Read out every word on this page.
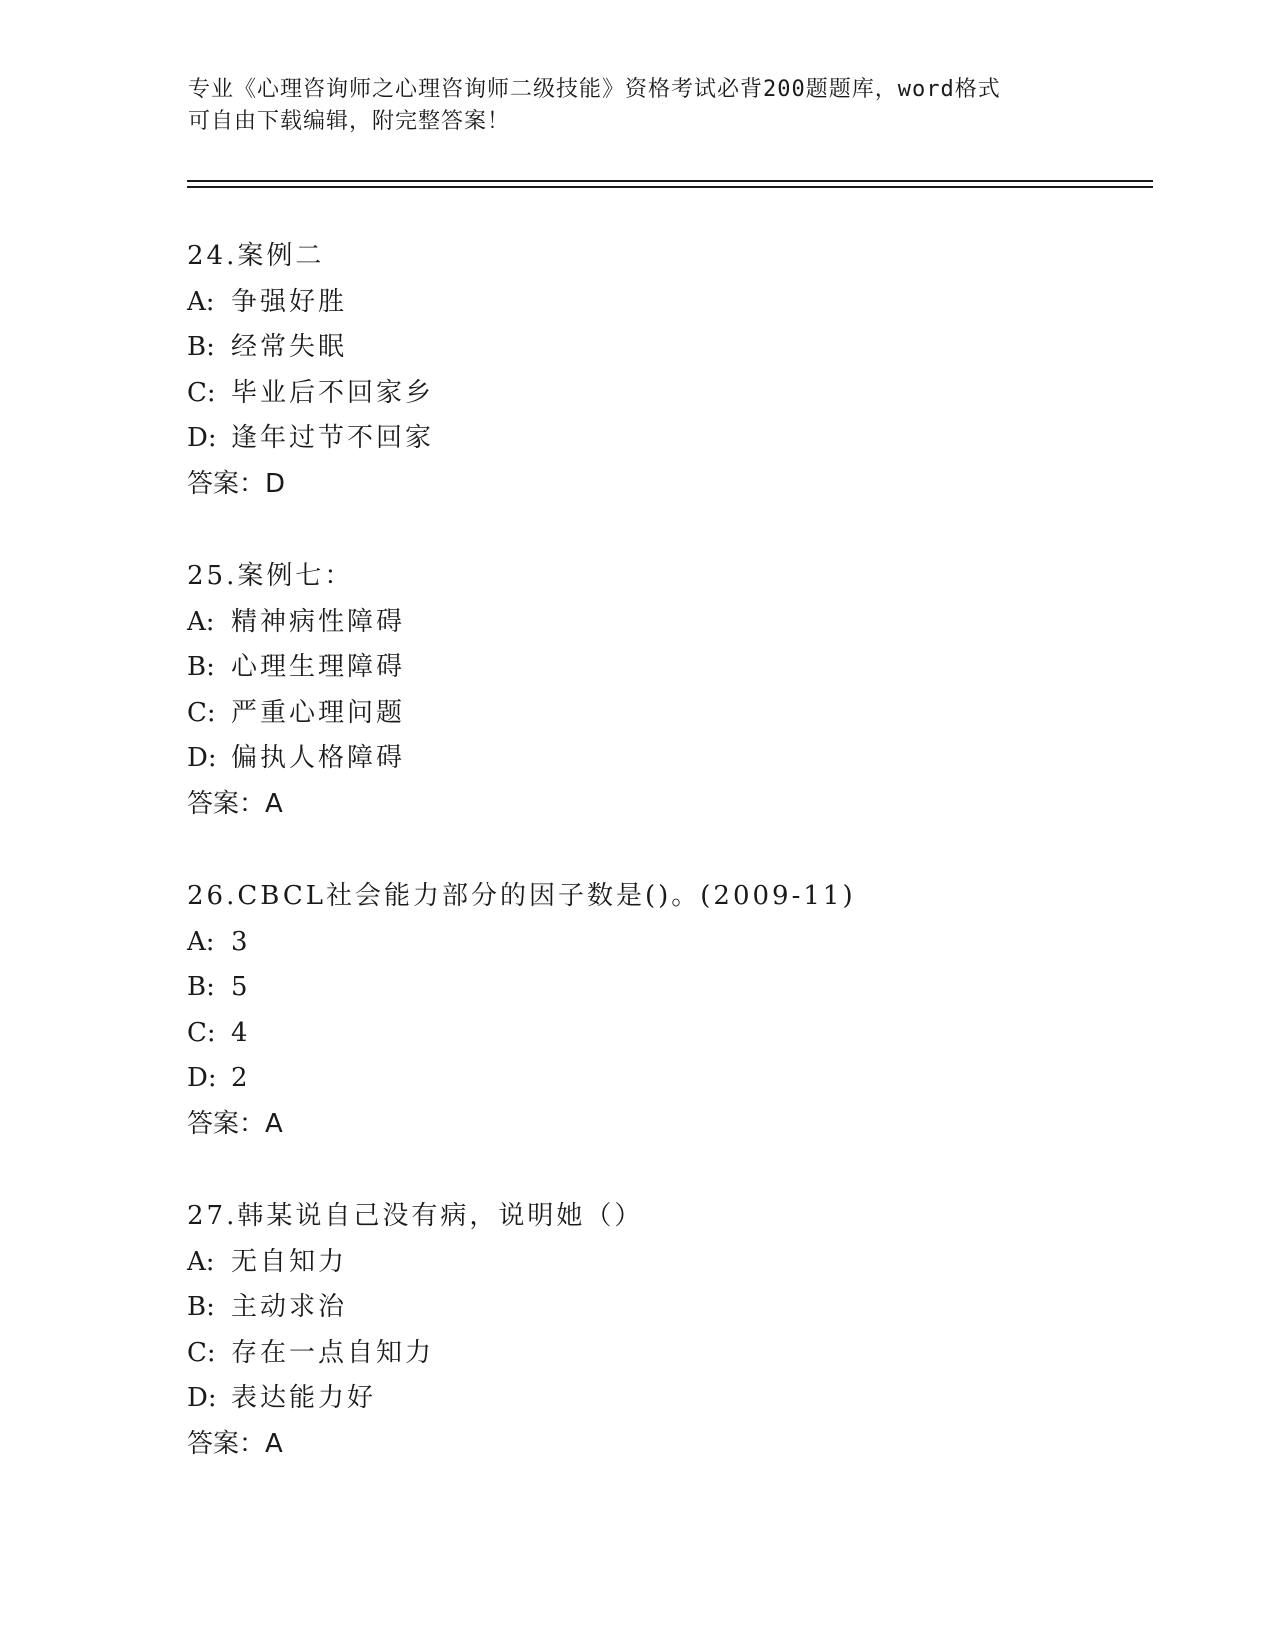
专业《心理咨询师之心理咨询师二级技能》资格考试必背200题题库，word格式
可自由下载编辑，附完整答案！
24.案例二
A: 争强好胜
B: 经常失眠
C: 毕业后不回家乡
D: 逢年过节不回家
答案：D
25.案例七：
A: 精神病性障碍
B: 心理生理障碍
C: 严重心理问题
D: 偏执人格障碍
答案：A
26.CBCL社会能力部分的因子数是()。(2009-11)
A: 3
B: 5
C: 4
D: 2
答案：A
27.韩某说自己没有病，说明她（）
A: 无自知力
B: 主动求治
C: 存在一点自知力
D: 表达能力好
答案：A
